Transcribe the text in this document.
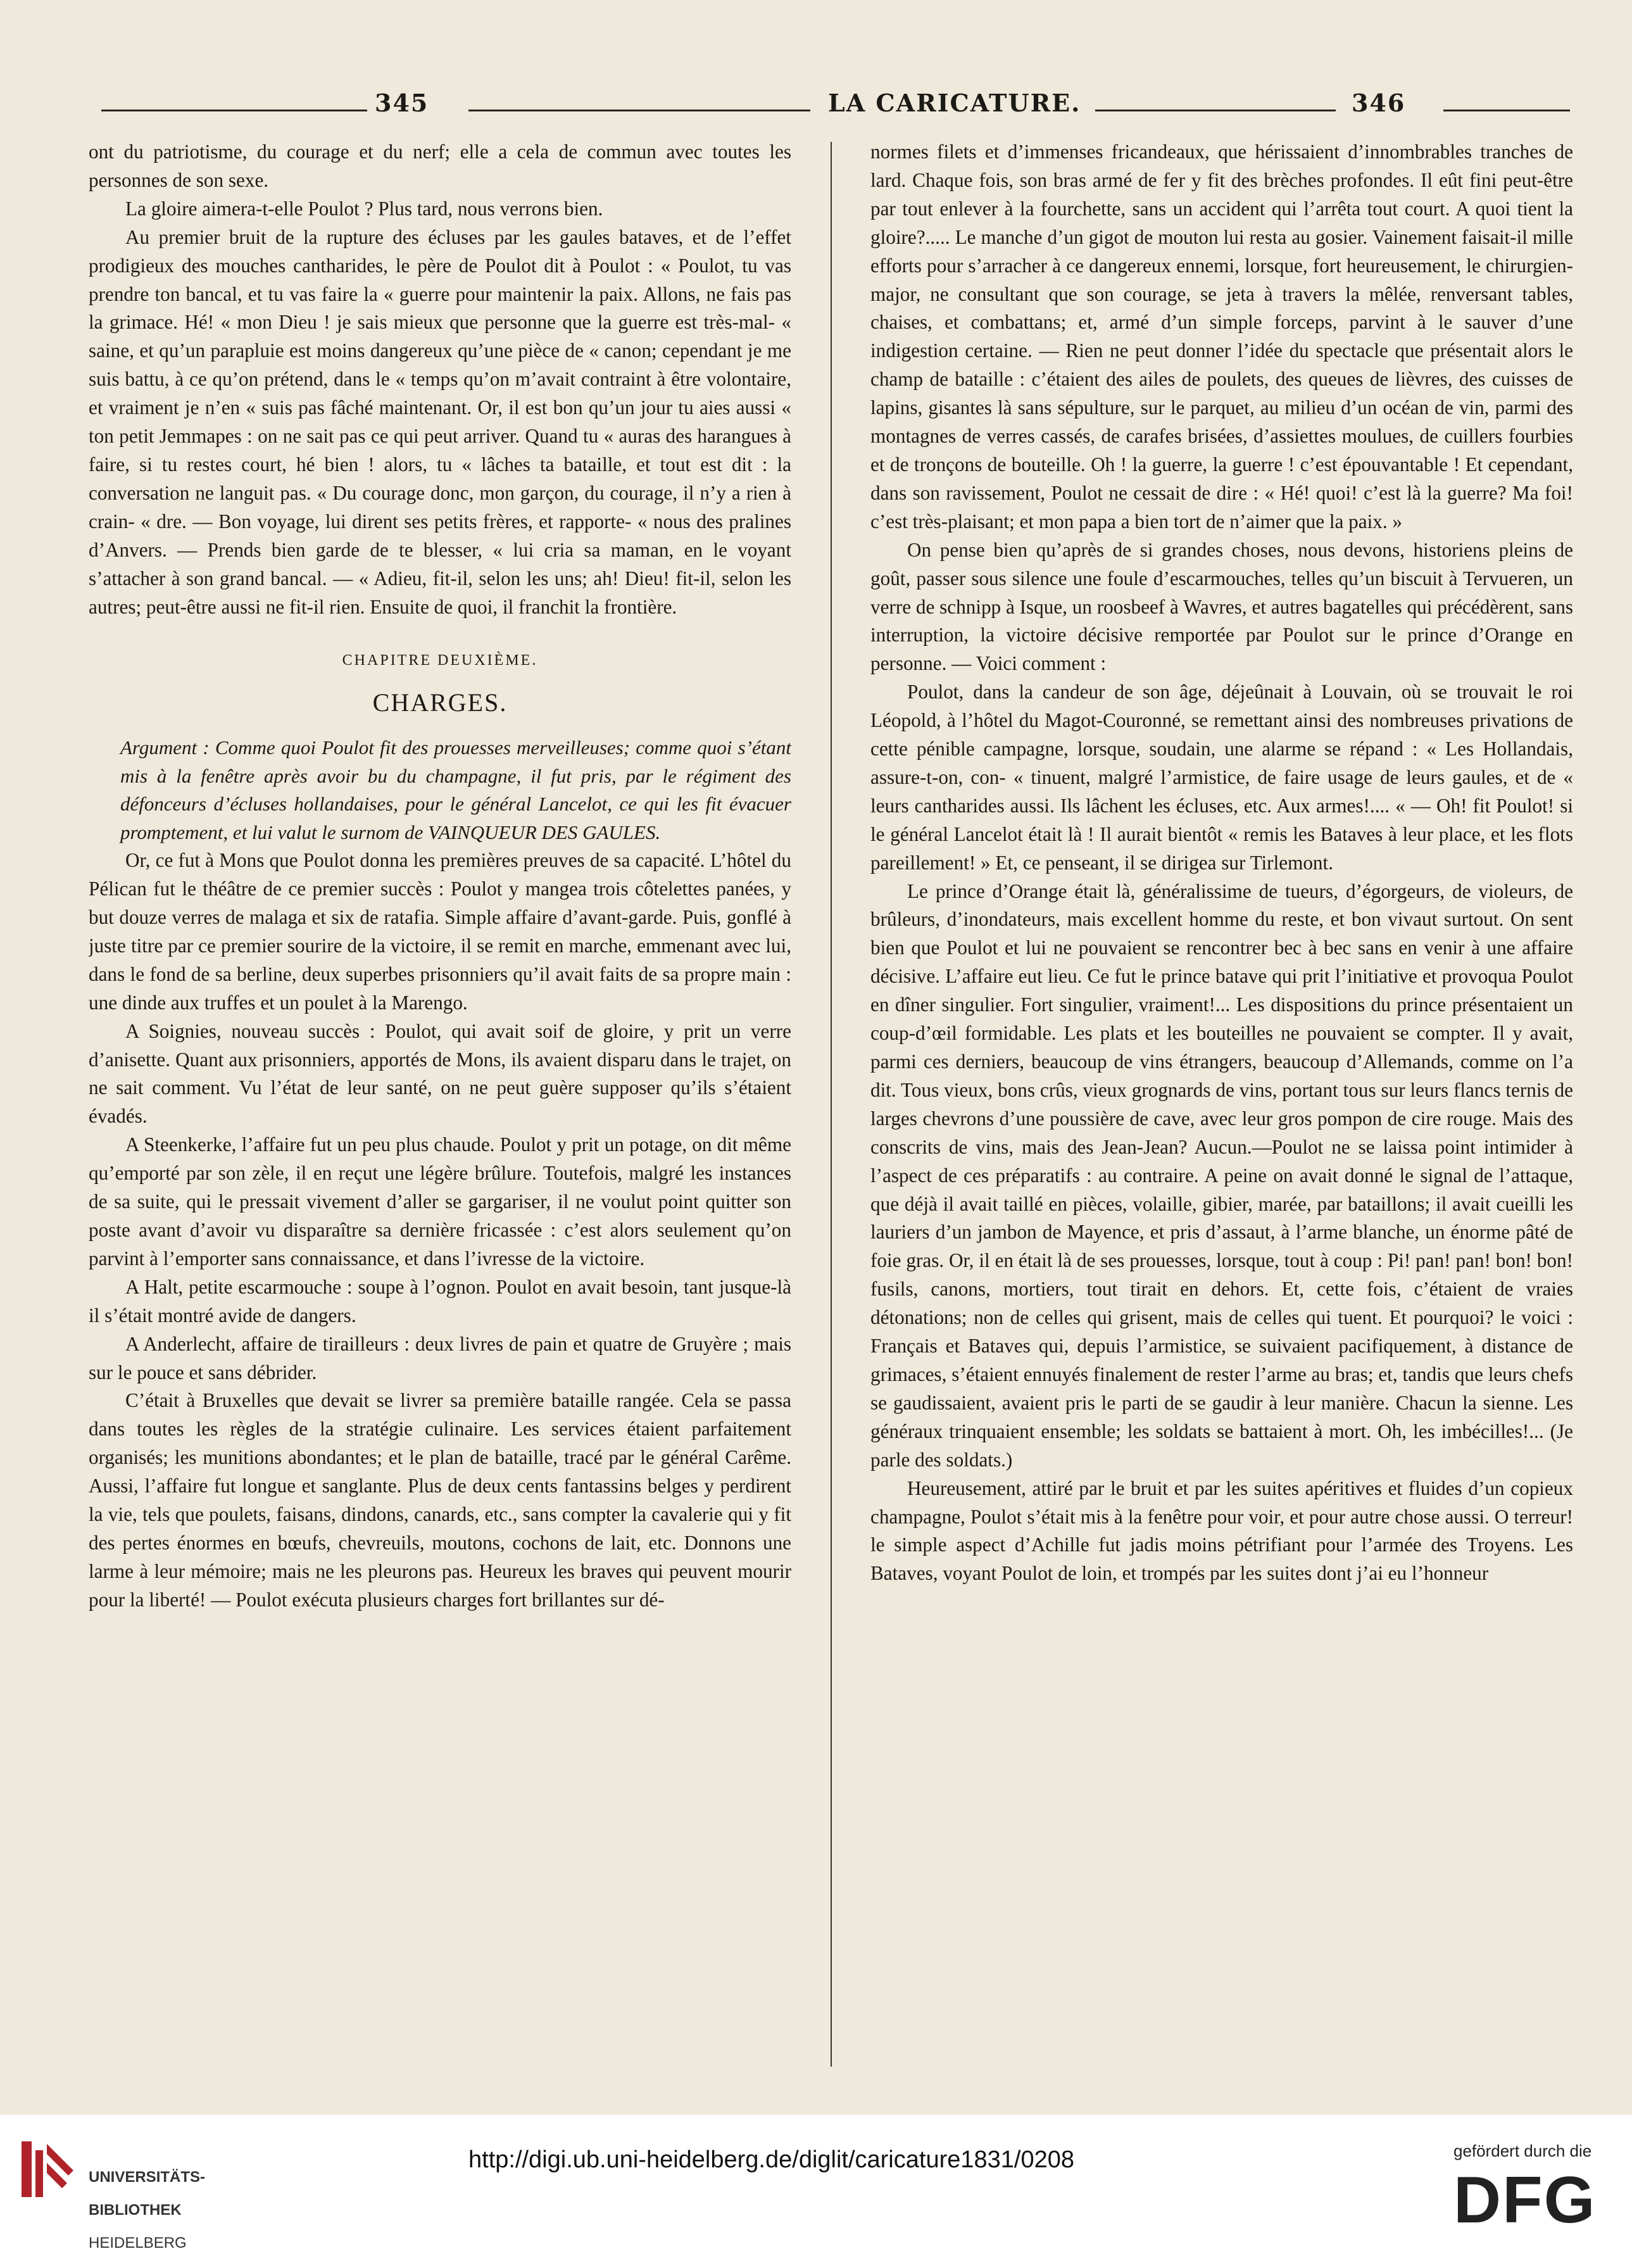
345	LA CARICATURE.	346

ont du patriotisme, du courage et du nerf; elle a cela de commun avec toutes les personnes de son sexe.

La gloire aimera-t-elle Poulot ? Plus tard, nous verrons bien.

Au premier bruit de la rupture des écluses par les gaules bataves, et de l’effet prodigieux des mouches cantharides, le père de Poulot dit à Poulot : « Poulot, tu vas prendre ton bancal, et tu vas faire la « guerre pour maintenir la paix. Allons, ne fais pas la grimace. Hé! « mon Dieu ! je sais mieux que personne que la guerre est très-mal- « saine, et qu’un parapluie est moins dangereux qu’une pièce de « canon; cependant je me suis battu, à ce qu’on prétend, dans le « temps qu’on m’avait contraint à être volontaire, et vraiment je n’en « suis pas fâché maintenant. Or, il est bon qu’un jour tu aies aussi « ton petit Jemmapes : on ne sait pas ce qui peut arriver. Quand tu « auras des harangues à faire, si tu restes court, hé bien ! alors, tu « lâches ta bataille, et tout est dit : la conversation ne languit pas. « Du courage donc, mon garçon, du courage, il n’y a rien à crain- « dre. — Bon voyage, lui dirent ses petits frères, et rapporte- « nous des pralines d’Anvers. — Prends bien garde de te blesser, « lui cria sa maman, en le voyant s’attacher à son grand bancal. — « Adieu, fit-il, selon les uns; ah! Dieu! fit-il, selon les autres; peut-être aussi ne fit-il rien. Ensuite de quoi, il franchit la frontière.

CHAPITRE DEUXIÈME.
CHARGES.

Argument : Comme quoi Poulot fit des prouesses merveilleuses; comme quoi s’étant mis à la fenêtre après avoir bu du champagne, il fut pris, par le régiment des défonceurs d’écluses hollandaises, pour le général Lancelot, ce qui les fit évacuer promptement, et lui valut le surnom de VAINQUEUR DES GAULES.

Or, ce fut à Mons que Poulot donna les premières preuves de sa capacité. L’hôtel du Pélican fut le théâtre de ce premier succès : Poulot y mangea trois côtelettes panées, y but douze verres de malaga et six de ratafia. Simple affaire d’avant-garde. Puis, gonflé à juste titre par ce premier sourire de la victoire, il se remit en marche, emmenant avec lui, dans le fond de sa berline, deux superbes prisonniers qu’il avait faits de sa propre main : une dinde aux truffes et un poulet à la Marengo.

A Soignies, nouveau succès : Poulot, qui avait soif de gloire, y prit un verre d’anisette. Quant aux prisonniers, apportés de Mons, ils avaient disparu dans le trajet, on ne sait comment. Vu l’état de leur santé, on ne peut guère supposer qu’ils s’étaient évadés.

A Steenkerke, l’affaire fut un peu plus chaude. Poulot y prit un potage, on dit même qu’emporté par son zèle, il en reçut une légère brûlure. Toutefois, malgré les instances de sa suite, qui le pressait vivement d’aller se gargariser, il ne voulut point quitter son poste avant d’avoir vu disparaître sa dernière fricassée : c’est alors seulement qu’on parvint à l’emporter sans connaissance, et dans l’ivresse de la victoire.

A Halt, petite escarmouche : soupe à l’ognon. Poulot en avait besoin, tant jusque-là il s’était montré avide de dangers.

A Anderlecht, affaire de tirailleurs : deux livres de pain et quatre de Gruyère ; mais sur le pouce et sans débrider.

C’était à Bruxelles que devait se livrer sa première bataille rangée. Cela se passa dans toutes les règles de la stratégie culinaire. Les services étaient parfaitement organisés; les munitions abondantes; et le plan de bataille, tracé par le général Carême. Aussi, l’affaire fut longue et sanglante. Plus de deux cents fantassins belges y perdirent la vie, tels que poulets, faisans, dindons, canards, etc., sans compter la cavalerie qui y fit des pertes énormes en bœufs, chevreuils, moutons, cochons de lait, etc. Donnons une larme à leur mémoire; mais ne les pleurons pas. Heureux les braves qui peuvent mourir pour la liberté! — Poulot exécuta plusieurs charges fort brillantes sur dé-

normes filets et d’immenses fricandeaux, que hérissaient d’innombrables tranches de lard. Chaque fois, son bras armé de fer y fit des brèches profondes. Il eût fini peut-être par tout enlever à la fourchette, sans un accident qui l’arrêta tout court. A quoi tient la gloire?..... Le manche d’un gigot de mouton lui resta au gosier. Vainement faisait-il mille efforts pour s’arracher à ce dangereux ennemi, lorsque, fort heureusement, le chirurgien-major, ne consultant que son courage, se jeta à travers la mêlée, renversant tables, chaises, et combattans; et, armé d’un simple forceps, parvint à le sauver d’une indigestion certaine. — Rien ne peut donner l’idée du spectacle que présentait alors le champ de bataille : c’étaient des ailes de poulets, des queues de lièvres, des cuisses de lapins, gisantes là sans sépulture, sur le parquet, au milieu d’un océan de vin, parmi des montagnes de verres cassés, de carafes brisées, d’assiettes moulues, de cuillers fourbies et de tronçons de bouteille. Oh ! la guerre, la guerre ! c’est épouvantable ! Et cependant, dans son ravissement, Poulot ne cessait de dire : « Hé! quoi! c’est là la guerre? Ma foi! c’est très-plaisant; et mon papa a bien tort de n’aimer que la paix. »

On pense bien qu’après de si grandes choses, nous devons, historiens pleins de goût, passer sous silence une foule d’escarmouches, telles qu’un biscuit à Tervueren, un verre de schnipp à Isque, un roosbeef à Wavres, et autres bagatelles qui précédèrent, sans interruption, la victoire décisive remportée par Poulot sur le prince d’Orange en personne. — Voici comment :

Poulot, dans la candeur de son âge, déjeûnait à Louvain, où se trouvait le roi Léopold, à l’hôtel du Magot-Couronné, se remettant ainsi des nombreuses privations de cette pénible campagne, lorsque, soudain, une alarme se répand : « Les Hollandais, assure-t-on, con- « tinuent, malgré l’armistice, de faire usage de leurs gaules, et de « leurs cantharides aussi. Ils lâchent les écluses, etc. Aux armes!.... « — Oh! fit Poulot! si le général Lancelot était là ! Il aurait bientôt « remis les Bataves à leur place, et les flots pareillement! » Et, ce penseant, il se dirigea sur Tirlemont.

Le prince d’Orange était là, généralissime de tueurs, d’égorgeurs, de violeurs, de brûleurs, d’inondateurs, mais excellent homme du reste, et bon vivaut surtout. On sent bien que Poulot et lui ne pouvaient se rencontrer bec à bec sans en venir à une affaire décisive. L’affaire eut lieu. Ce fut le prince batave qui prit l’initiative et provoqua Poulot en dîner singulier. Fort singulier, vraiment!... Les dispositions du prince présentaient un coup-d’œil formidable. Les plats et les bouteilles ne pouvaient se compter. Il y avait, parmi ces derniers, beaucoup de vins étrangers, beaucoup d’Allemands, comme on l’a dit. Tous vieux, bons crûs, vieux grognards de vins, portant tous sur leurs flancs ternis de larges chevrons d’une poussière de cave, avec leur gros pompon de cire rouge. Mais des conscrits de vins, mais des Jean-Jean? Aucun.—Poulot ne se laissa point intimider à l’aspect de ces préparatifs : au contraire. A peine on avait donné le signal de l’attaque, que déjà il avait taillé en pièces, volaille, gibier, marée, par bataillons; il avait cueilli les lauriers d’un jambon de Mayence, et pris d’assaut, à l’arme blanche, un énorme pâté de foie gras. Or, il en était là de ses prouesses, lorsque, tout à coup : Pi! pan! pan! bon! bon! fusils, canons, mortiers, tout tirait en dehors. Et, cette fois, c’étaient de vraies détonations; non de celles qui grisent, mais de celles qui tuent. Et pourquoi? le voici : Français et Bataves qui, depuis l’armistice, se suivaient pacifiquement, à distance de grimaces, s’étaient ennuyés finalement de rester l’arme au bras; et, tandis que leurs chefs se gaudissaient, avaient pris le parti de se gaudir à leur manière. Chacun la sienne. Les généraux trinquaient ensemble; les soldats se battaient à mort. Oh, les imbécilles!... (Je parle des soldats.)

Heureusement, attiré par le bruit et par les suites apéritives et fluides d’un copieux champagne, Poulot s’était mis à la fenêtre pour voir, et pour autre chose aussi. O terreur! le simple aspect d’Achille fut jadis moins pétrifiant pour l’armée des Troyens. Les Bataves, voyant Poulot de loin, et trompés par les suites dont j’ai eu l’honneur

UNIVERSITÄTS-

BIBLIOTHEK

HEIDELBERG

http://digi.ub.uni-heidelberg.de/diglit/caricature1831/0208	gefördert durch die
DFG
